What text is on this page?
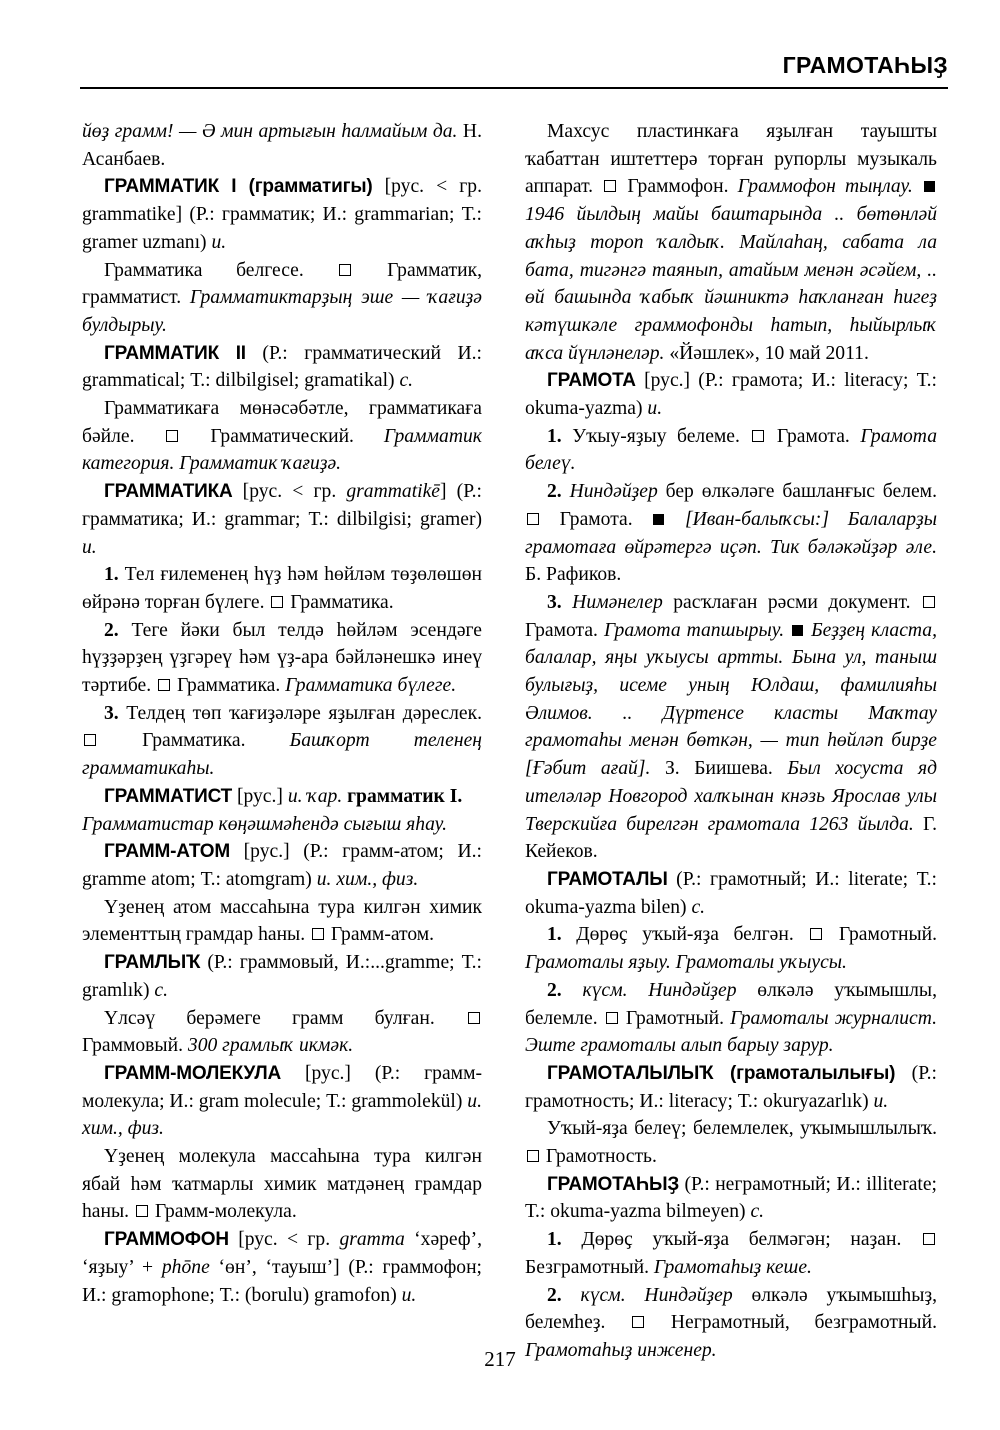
ГРАМОТАҺЫҘ

йөҙ грамм! — Ә мин артығын һалмайым да. Н. Асанбаев.

ГРАММАТИК I (грамматигы) [рус. < гр. grammatike] (Р.: грамматик; И.: grammarian; Т.: gramer uzmanı) и.

Грамматика белгесе.	Грамматик, грамматист. Грамматиктарҙың эше — ҡағиҙә булдырыу.

ГРАММАТИК II (Р.: грамматический И.: grammatical; Т.: dilbilgisel; gramatikal) с.

Грамматикаға мөнәсәбәтле, грамматикаға бәйле.  Грамматический. Грамматик категория. Грамматик ҡағиҙә.

ГРАММАТИКА [рус. < гр. grammatikē] (Р.: грамматика; И.: grammar; Т.: dilbilgisi; gramer) и.

1. Тел ғилеменең һүҙ һәм һөйләм төҙөлөшөн өйрәнә торған бүлеге.  Грамматика.

2. Теге йәки был телдә һөйләм эсендәге һүҙҙәрҙең үҙгәреү һәм үҙ-ара бәйләнешкә инеү тәртибе.  Грамматика. Грамматика бүлеге.

3. Телдең төп ҡағиҙәләре яҙылған дәреслек.  Грамматика. Башҡорт теленең грамматикаһы.

ГРАММАТИСТ [рус.] и. ҡар. грамматик I.

Грамматистар көңәшмәһендә сығыш яһау.

ГРАММ-АТОМ [рус.] (Р.: грамм-атом; И.: gramme atom; Т.: atomgram) и. хим., физ.

Үҙенең атом массаһына тура килгән химик элементтың грамдар һаны.  Грамм-атом.

ГРАМЛЫҠ (Р.: граммовый, И.:...gramme; Т.: gramlık) с.

Үлсәү берәмеге грамм булған.  Граммовый. 300 грамлыҡ икмәк.

ГРАММ-МОЛЕКУЛА [рус.] (Р.: грамм-молекула; И.: gram molecule; Т.: grammolekül) и. хим., физ.

Үҙенең молекула массаһына тура килгән ябай һәм ҡатмарлы химик матдәнең грамдар һаны.  Грамм-молекула.

ГРАММОФОН [рус. < гр. gramma ‘хәреф’, ‘яҙыу’ + phōne ‘өн’, ‘тауыш’] (Р.: граммофон; И.: gramophone; Т.: (borulu) gramofon) и.

Махсус пластинкаға яҙылған тауышты ҡабаттан иштеттерә торған рупорлы музыкаль аппарат.  Граммофон. Граммофон тыңлау.  1946 йылдың майы баштарында .. бөтөнләй аҡһыҙ тороп ҡалдыҡ. Майлаһаң, сабата ла бата, тигәнгә таянып, атайым менән әсәйем, .. өй башында ҡабыҡ йәшниктә һаҡланған һигеҙ кәтүшкәле граммофонды һатып, һыйырлыҡ аҡса йүнләнеләр. «Йәшлек», 10 май 2011.

ГРАМОТА [рус.] (Р.: грамота; И.: literacy; Т.: okuma-yazma) и.

1. Уҡыу-яҙыу белеме.  Грамота. Грамота белеү.

2. Ниндәйҙер бер өлкәләге башланғыс белем.  Грамота.  [Иван-балыҡсы:] Балаларҙы грамотаға өйрәтергә иҫәп. Тик бәләкәйҙәр әле. Б. Рафиков.

3. Нимәнелер расҡлаған рәсми документ.  Грамота. Грамота тапшырыу.  Беҙҙең класта, балалар, яңы уҡыусы артты. Бына ул, таныш булығыҙ, исеме уның Юлдаш, фамилияһы Әлимов. .. Дүртенсе класты Маҡтау грамотаһы менән бөткән, — тип һөйләп бирҙе [Ғәбит ағай]. З. Биишева. Был хосуста яд ителәләр Новгород халҡынан кнәзь Ярослав улы Тверскийға бирелгән грамотала 1263 йылда. Г. Кейеков.

ГРАМОТАЛЫ (Р.: грамотный; И.: literate; Т.: okuma-yazma bilen) с.

1. Дөрөҫ уҡый-яҙа белгән.  Грамотный. Грамоталы яҙыу. Грамоталы уҡыусы.

2. күсм. Ниндәйҙер өлкәлә уҡымышлы, белемле.  Грамотный. Грамоталы журналист. Эште грамоталы алып барыу зарур.

ГРАМОТАЛЫЛЫҠ (грамоталылығы) (Р.: грамотность; И.: literacy; Т.: okuryazarlık) и.

Уҡый-яҙа белеү; белемлелек, уҡымышлылыҡ.  Грамотность.

ГРАМОТАҺЫҘ (Р.: неграмотный; И.: illiterate; Т.: okuma-yazma bilmeyen) с.

1. Дөрөҫ уҡый-яҙа белмәгән; наҙан.  Безграмотный. Грамотаһыҙ кеше.

2. күсм. Ниндәйҙер өлкәлә уҡымышһыҙ, белемһеҙ.  Неграмотный, безграмотный. Грамотаһыҙ инженер.

217
